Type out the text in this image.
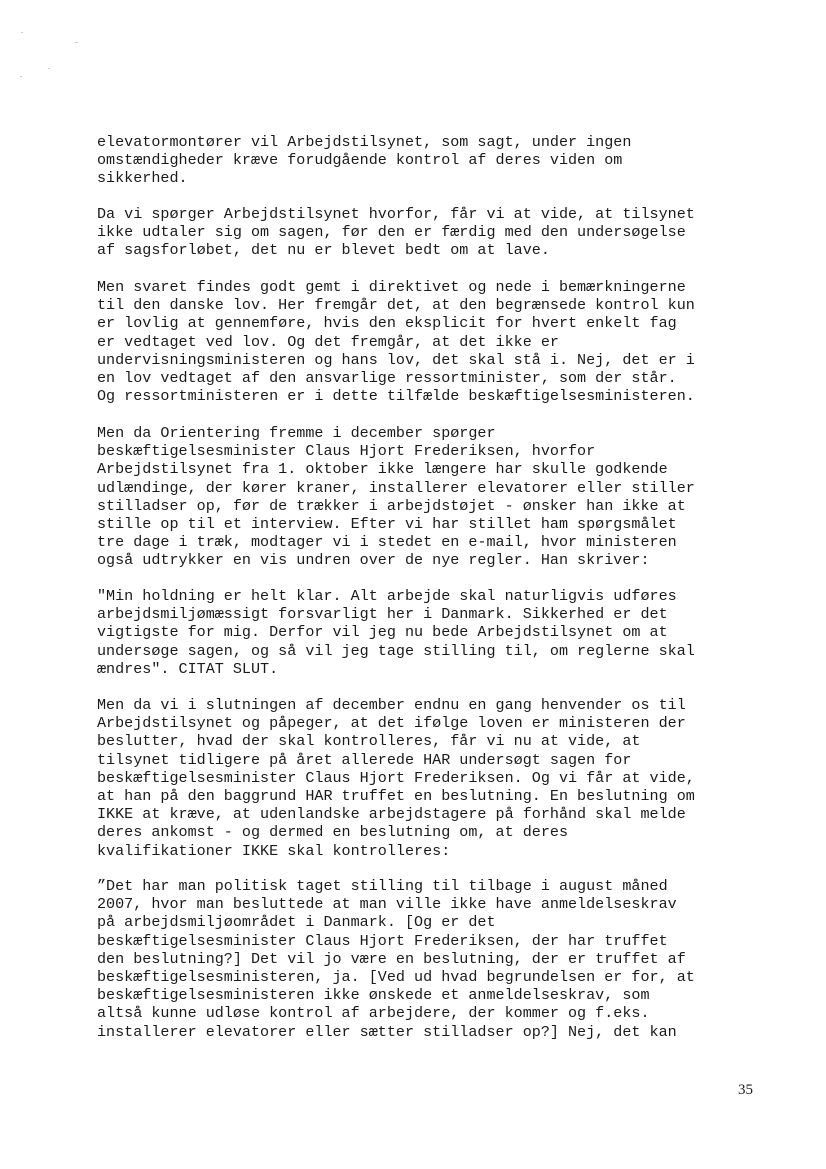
elevatormontører vil Arbejdstilsynet, som sagt, under ingen
omstændigheder kræve forudgående kontrol af deres viden om
sikkerhed.

Da vi spørger Arbejdstilsynet hvorfor, får vi at vide, at tilsynet
ikke udtaler sig om sagen, før den er færdig med den undersøgelse
af sagsforløbet, det nu er blevet bedt om at lave.

Men svaret findes godt gemt i direktivet og nede i bemærkningerne
til den danske lov. Her fremgår det, at den begrænsede kontrol kun
er lovlig at gennemføre, hvis den eksplicit for hvert enkelt fag
er vedtaget ved lov. Og det fremgår, at det ikke er
undervisningsministeren og hans lov, det skal stå i. Nej, det er i
en lov vedtaget af den ansvarlige ressortminister, som der står.
Og ressortministeren er i dette tilfælde beskæftigelsesministeren.

Men da Orientering fremme i december spørger
beskæftigelsesminister Claus Hjort Frederiksen, hvorfor
Arbejdstilsynet fra 1. oktober ikke længere har skulle godkende
udlændinge, der kører kraner, installerer elevatorer eller stiller
stilladser op, før de trækker i arbejdstøjet - ønsker han ikke at
stille op til et interview. Efter vi har stillet ham spørgsmålet
tre dage i træk, modtager vi i stedet en e-mail, hvor ministeren
også udtrykker en vis undren over de nye regler. Han skriver:

"Min holdning er helt klar. Alt arbejde skal naturligvis udføres
arbejdsmiljømæssigt forsvarligt her i Danmark. Sikkerhed er det
vigtigste for mig. Derfor vil jeg nu bede Arbejdstilsynet om at
undersøge sagen, og så vil jeg tage stilling til, om reglerne skal
ændres". CITAT SLUT.

Men da vi i slutningen af december endnu en gang henvender os til
Arbejdstilsynet og påpeger, at det ifølge loven er ministeren der
beslutter, hvad der skal kontrolleres, får vi nu at vide, at
tilsynet tidligere på året allerede HAR undersøgt sagen for
beskæftigelsesminister Claus Hjort Frederiksen. Og vi får at vide,
at han på den baggrund HAR truffet en beslutning. En beslutning om
IKKE at kræve, at udenlandske arbejdstagere på forhånd skal melde
deres ankomst - og dermed en beslutning om, at deres
kvalifikationer IKKE skal kontrolleres:

”Det har man politisk taget stilling til tilbage i august måned
2007, hvor man besluttede at man ville ikke have anmeldelseskrav
på arbejdsmiljøområdet i Danmark. [Og er det
beskæftigelsesminister Claus Hjort Frederiksen, der har truffet
den beslutning?] Det vil jo være en beslutning, der er truffet af
beskæftigelsesministeren, ja. [Ved ud hvad begrundelsen er for, at
beskæftigelsesministeren ikke ønskede et anmeldelseskrav, som
altså kunne udløse kontrol af arbejdere, der kommer og f.eks.
installerer elevatorer eller sætter stilladser op?] Nej, det kan

35
